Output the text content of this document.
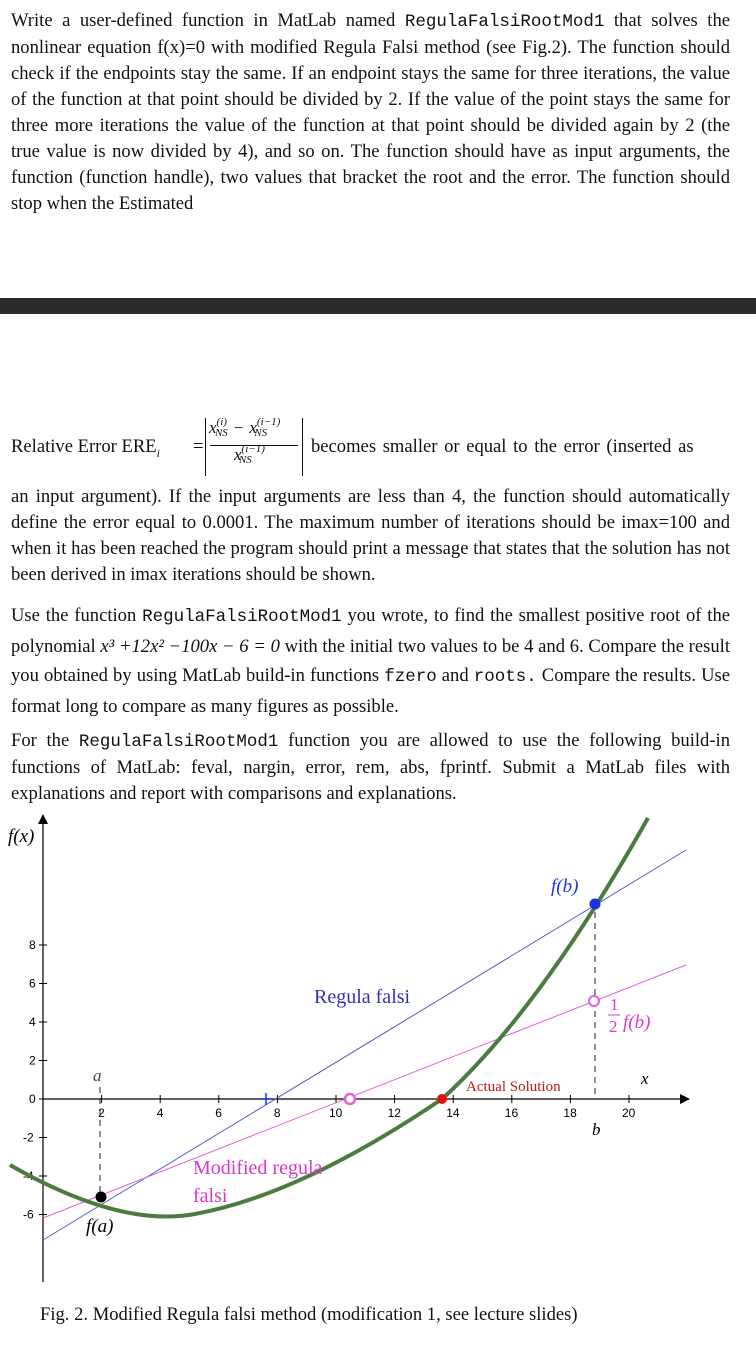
Write a user-defined function in MatLab named RegulaFalsiRootMod1 that solves the nonlinear equation f(x)=0 with modified Regula Falsi method (see Fig.2). The function should check if the endpoints stay the same. If an endpoint stays the same for three iterations, the value of the function at that point should be divided by 2. If the value of the point stays the same for three more iterations the value of the function at that point should be divided again by 2 (the true value is now divided by 4), and so on. The function should have as input arguments, the function (function handle), two values that bracket the root and the error. The function should stop when the Estimated
Relative Error $ERE_i$ =
$x^{(i)}NS - x^{(i-1)}NS$
$x^{(i-1)}NS$
becomes smaller or equal to the error (inserted as
an input argument). If the input arguments are less than 4, the function should automatically define the error equal to 0.0001. The maximum number of iterations should be imax=100 and when it has been reached the program should print a message that states that the solution has not been derived in imax iterations should be shown.
Use the function RegulaFalsiRootMod1 you wrote, to find the smallest positive root of the polynomial x³ +12x² −100x − 6 = 0 with the initial two values to be 4 and 6. Compare the result you obtained by using MatLab build-in functions fzero and roots. Compare the results. Use format long to compare as many figures as possible.
For the RegulaFalsiRootMod1 function you are allowed to use the following build-in functions of MatLab: feval, nargin, error, rem, abs, fprintf. Submit a MatLab files with explanations and report with comparisons and explanations.
2	4	6	8	10	12	14	16	18	20
8
6
4
2
0
-2
-4
-6
f(x)
x
a
b
f(a)
f(b)
1
2 f(b)
Regula falsi
Modified regula
falsi
Actual Solution
Fig. 2. Modified Regula falsi method (modification 1, see lecture slides)
